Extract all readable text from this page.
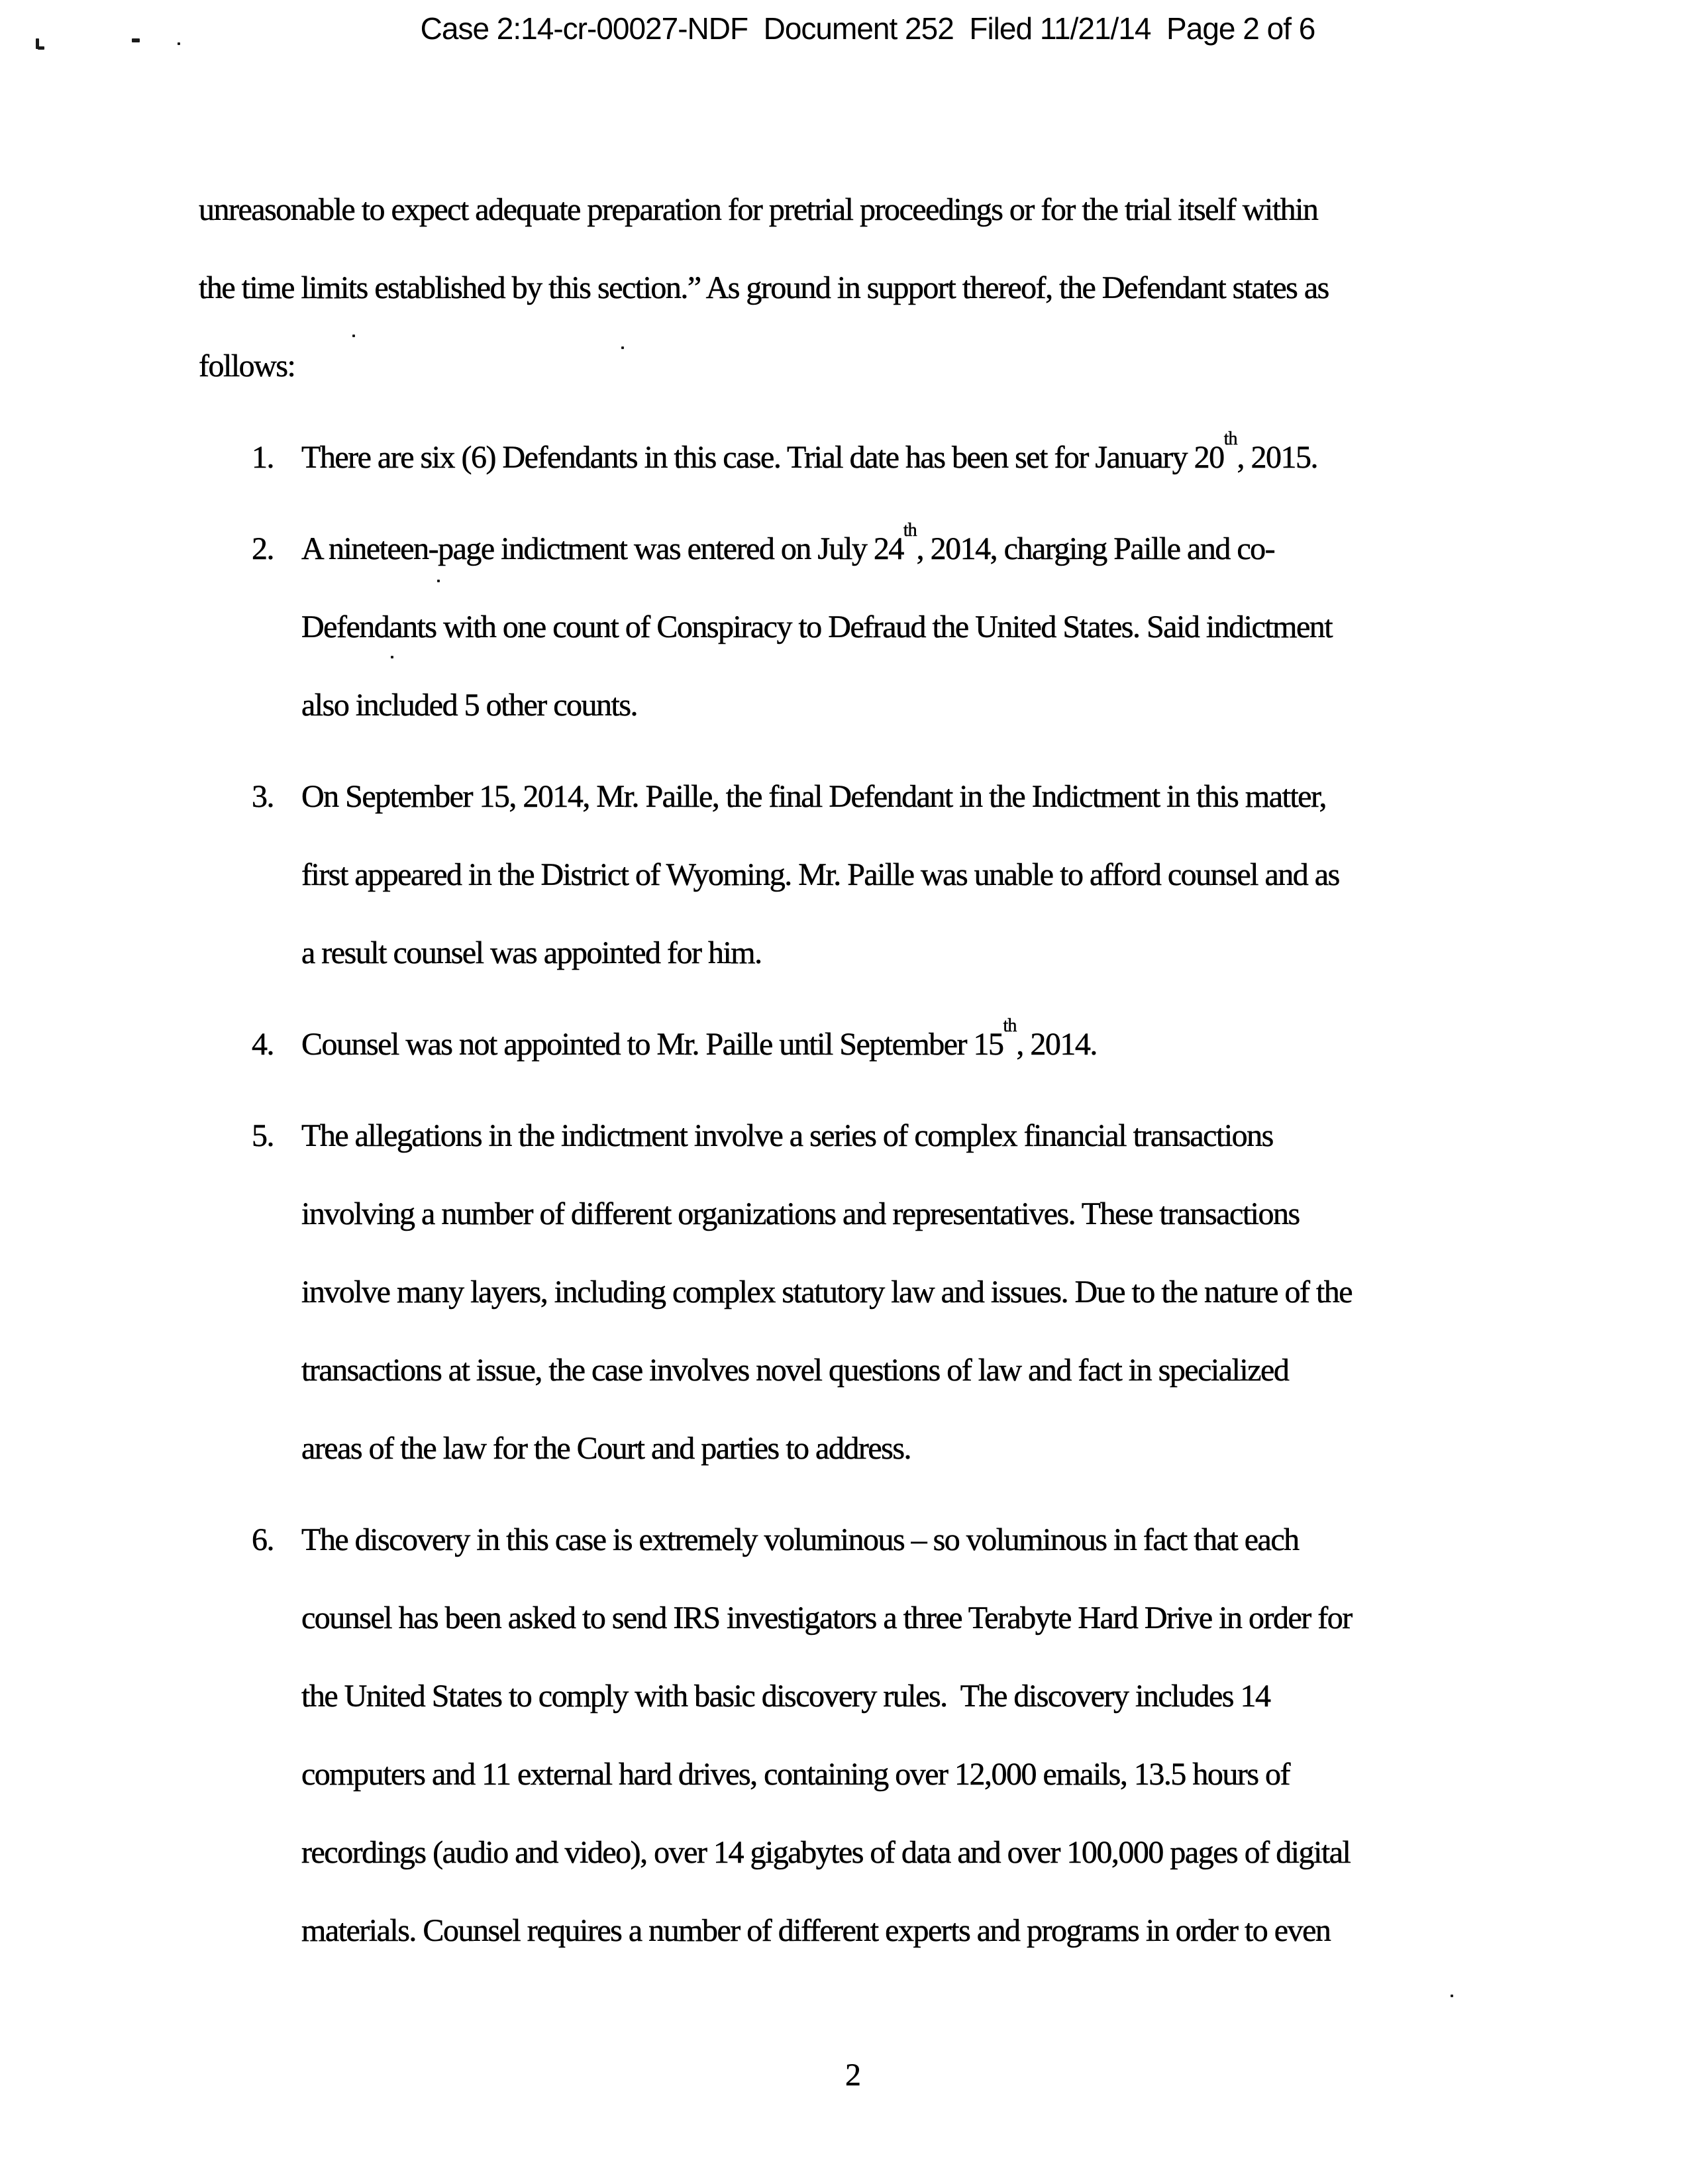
Case 2:14-cr-00027-NDF  Document 252  Filed 11/21/14  Page 2 of 6
unreasonable to expect adequate preparation for pretrial proceedings or for the trial itself within
the time limits established by this section.” As ground in support thereof, the Defendant states as
follows:
1. There are six (6) Defendants in this case. Trial date has been set for January 20th, 2015.
2. A nineteen-page indictment was entered on July 24th, 2014, charging Paille and co-
Defendants with one count of Conspiracy to Defraud the United States. Said indictment
also included 5 other counts.
3. On September 15, 2014, Mr. Paille, the final Defendant in the Indictment in this matter,
first appeared in the District of Wyoming. Mr. Paille was unable to afford counsel and as
a result counsel was appointed for him.
4. Counsel was not appointed to Mr. Paille until September 15th, 2014.
5. The allegations in the indictment involve a series of complex financial transactions
involving a number of different organizations and representatives. These transactions
involve many layers, including complex statutory law and issues. Due to the nature of the
transactions at issue, the case involves novel questions of law and fact in specialized
areas of the law for the Court and parties to address.
6. The discovery in this case is extremely voluminous – so voluminous in fact that each
counsel has been asked to send IRS investigators a three Terabyte Hard Drive in order for
the United States to comply with basic discovery rules.  The discovery includes 14
computers and 11 external hard drives, containing over 12,000 emails, 13.5 hours of
recordings (audio and video), over 14 gigabytes of data and over 100,000 pages of digital
materials. Counsel requires a number of different experts and programs in order to even
2
